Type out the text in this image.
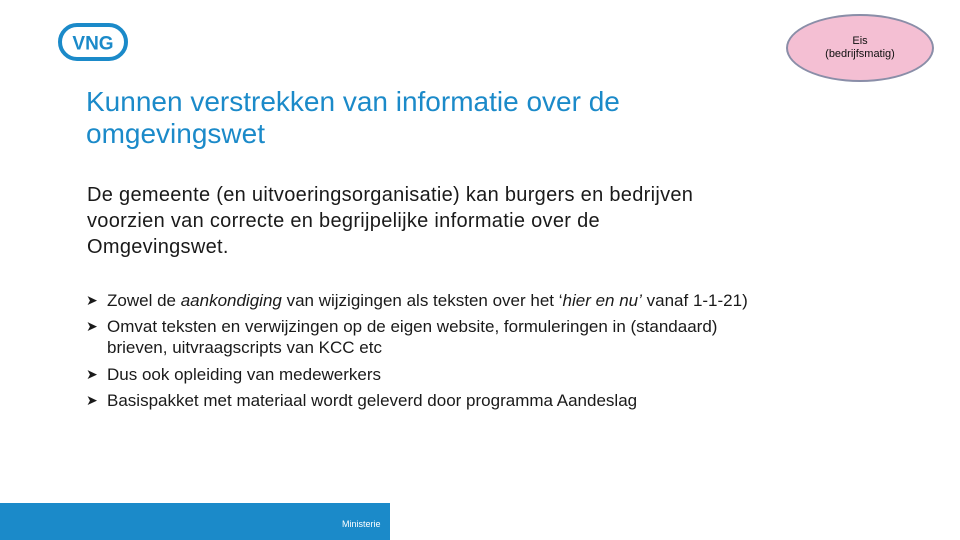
VNG	Eis
(bedrijfsmatig)
Kunnen verstrekken van informatie over de
omgevingswet

De gemeente (en uitvoeringsorganisatie) kan burgers en bedrijven
voorzien van correcte en begrijpelijke informatie over de
Omgevingswet.

➤ Zowel de aankondiging van wijzigingen als teksten over het ‘hier en nu’ vanaf 1-1-21)
➤ Omvat teksten en verwijzingen op de eigen website, formuleringen in (standaard)
brieven, uitvraagscripts van KCC etc
➤ Dus ook opleiding van medewerkers
➤ Basispakket met materiaal wordt geleverd door programma Aandeslag
Ministerie
